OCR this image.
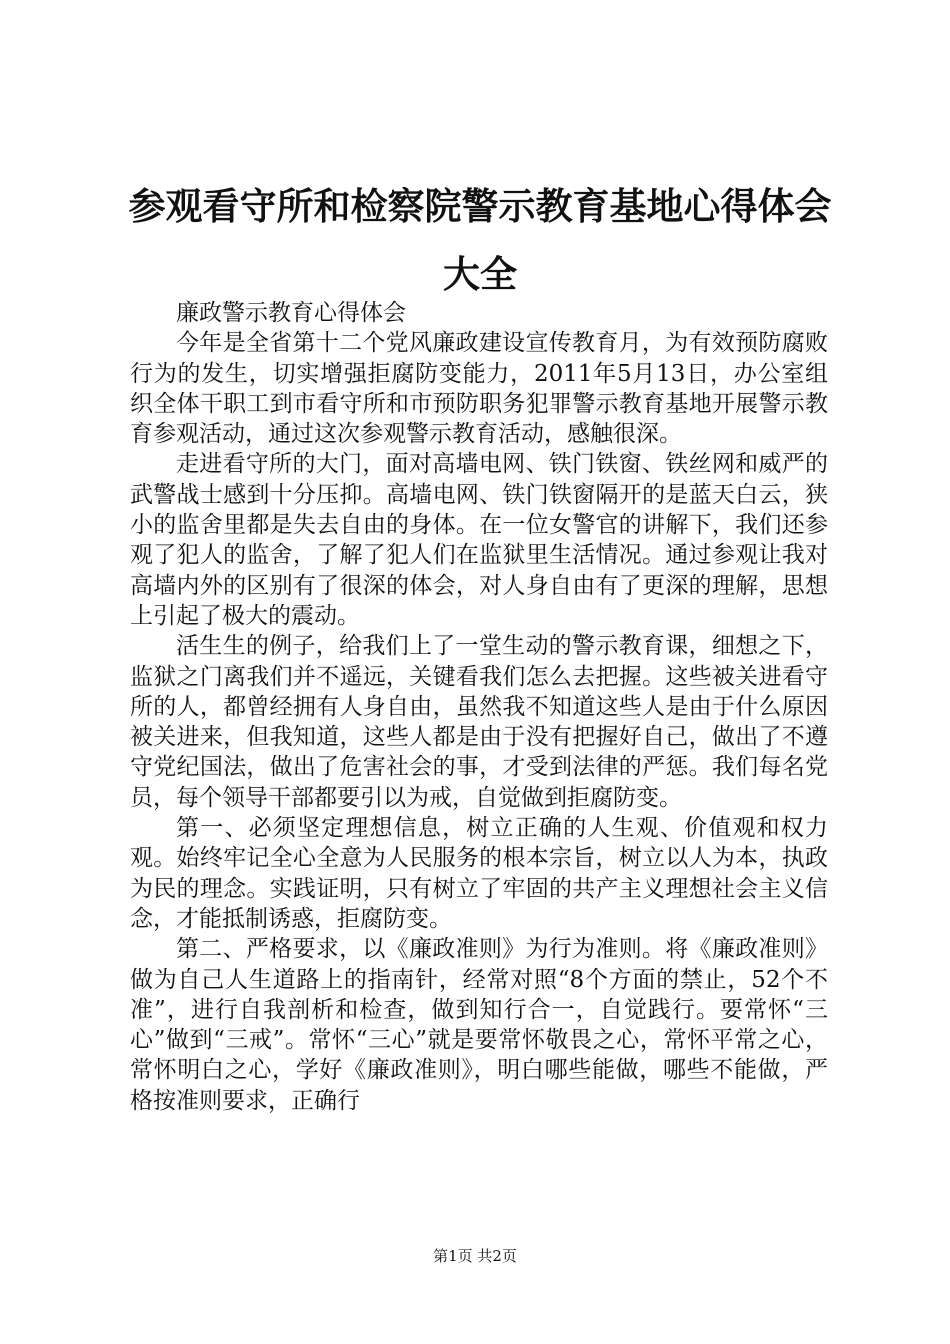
参观看守所和检察院警示教育基地心得体会大全

廉政警示教育心得体会

今年是全省第十二个党风廉政建设宣传教育月，为有效预防腐败行为的发生，切实增强拒腐防变能力，2011年5月13日，办公室组织全体干职工到市看守所和市预防职务犯罪警示教育基地开展警示教育参观活动，通过这次参观警示教育活动，感触很深。

走进看守所的大门，面对高墙电网、铁门铁窗、铁丝网和威严的武警战士感到十分压抑。高墙电网、铁门铁窗隔开的是蓝天白云，狭小的监舍里都是失去自由的身体。在一位女警官的讲解下，我们还参观了犯人的监舍，了解了犯人们在监狱里生活情况。通过参观让我对高墙内外的区别有了很深的体会，对人身自由有了更深的理解，思想上引起了极大的震动。

活生生的例子，给我们上了一堂生动的警示教育课，细想之下，监狱之门离我们并不遥远，关键看我们怎么去把握。这些被关进看守所的人，都曾经拥有人身自由，虽然我不知道这些人是由于什么原因被关进来，但我知道，这些人都是由于没有把握好自己，做出了不遵守党纪国法，做出了危害社会的事，才受到法律的严惩。我们每名党员，每个领导干部都要引以为戒，自觉做到拒腐防变。

第一、必须坚定理想信息，树立正确的人生观、价值观和权力观。始终牢记全心全意为人民服务的根本宗旨，树立以人为本，执政为民的理念。实践证明，只有树立了牢固的共产主义理想社会主义信念，才能抵制诱惑，拒腐防变。

第二、严格要求，以《廉政准则》为行为准则。将《廉政准则》做为自己人生道路上的指南针，经常对照“8个方面的禁止，52个不准”，进行自我剖析和检查，做到知行合一，自觉践行。要常怀“三心”做到“三戒”。常怀“三心”就是要常怀敬畏之心，常怀平常之心，常怀明白之心，学好《廉政准则》，明白哪些能做，哪些不能做，严格按准则要求，正确行

第1页 共2页
